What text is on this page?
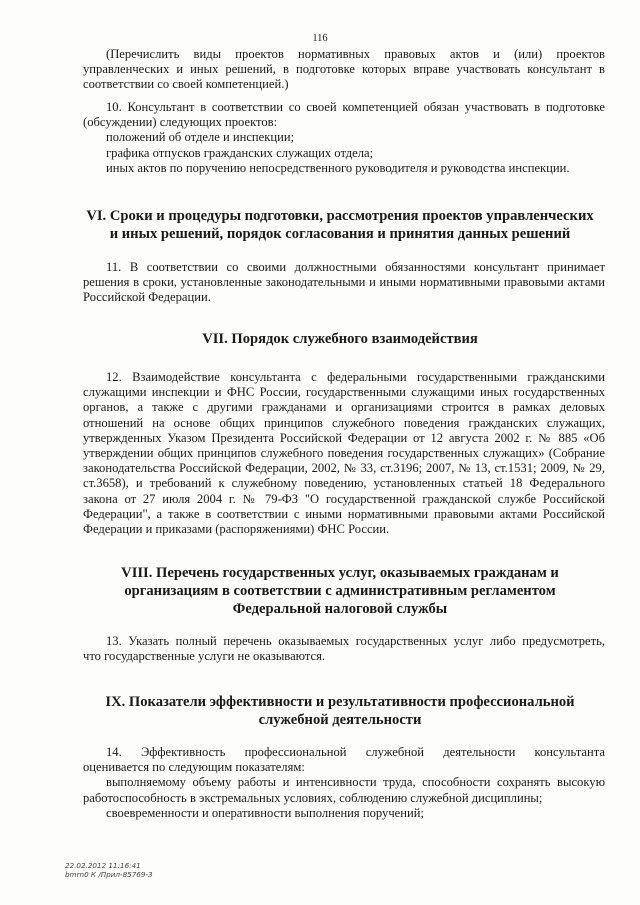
116
(Перечислить виды проектов нормативных правовых актов и (или) проектов
управленческих и иных решений, в подготовке которых вправе участвовать консультант в
соответствии со своей компетенцией.)
10. Консультант в соответствии со своей компетенцией обязан участвовать в подготовке
(обсуждении) следующих проектов:
положений об отделе и инспекции;
графика отпусков гражданских служащих отдела;
иных актов по поручению непосредственного руководителя и руководства инспекции.
VI. Сроки и процедуры подготовки, рассмотрения проектов управленческих
и иных решений, порядок согласования и принятия данных решений
11. В соответствии со своими должностными обязанностями консультант принимает
решения в сроки, установленные законодательными и иными нормативными правовыми актами
Российской Федерации.
VII. Порядок служебного взаимодействия
12. Взаимодействие консультанта с федеральными государственными гражданскими
служащими инспекции и ФНС России, государственными служащими иных государственных
органов, а также с другими гражданами и организациями строится в рамках деловых
отношений на основе общих принципов служебного поведения гражданских служащих,
утвержденных Указом Президента Российской Федерации от 12 августа 2002 г. № 885 «Об
утверждении общих принципов служебного поведения государственных служащих» (Собрание
законодательства Российской Федерации, 2002, № 33, ст.3196; 2007, № 13, ст.1531; 2009, № 29,
ст.3658), и требований к служебному поведению, установленных статьей 18 Федерального
закона от 27 июля 2004 г. № 79-ФЗ "О государственной гражданской службе Российской
Федерации", а также в соответствии с иными нормативными правовыми актами Российской
Федерации и приказами (распоряжениями) ФНС России.
VIII. Перечень государственных услуг, оказываемых гражданам и
организациям в соответствии с административным регламентом
Федеральной налоговой службы
13. Указать полный перечень оказываемых государственных услуг либо предусмотреть,
что государственные услуги не оказываются.
IX. Показатели эффективности и результативности профессиональной
служебной деятельности
14. Эффективность профессиональной служебной деятельности консультанта
оценивается по следующим показателям:
выполняемому объему работы и интенсивности труда, способности сохранять высокую
работоспособность в экстремальных условиях, соблюдению служебной дисциплины;
своевременности и оперативности выполнения поручений;
22.02.2012 11:16:41
bmrn0 К /Прил-85769-3
